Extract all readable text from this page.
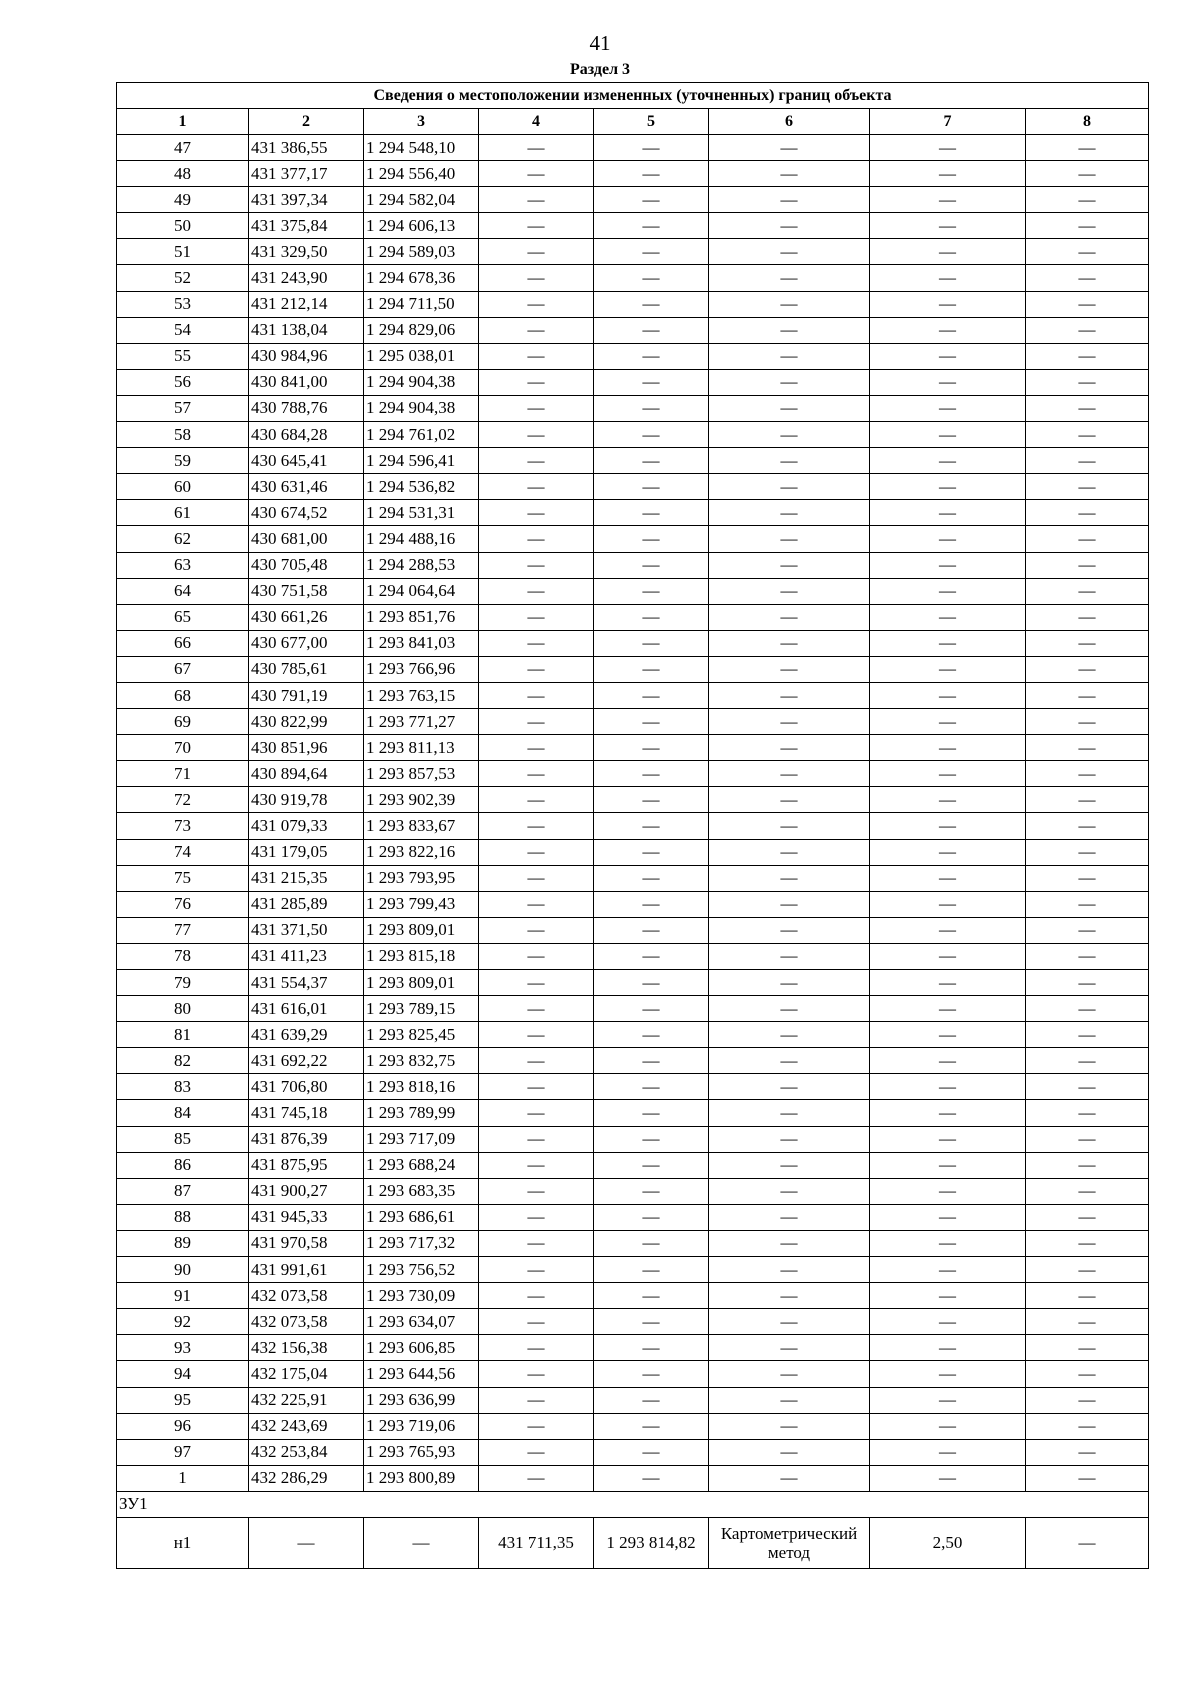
41
Раздел 3
Сведения о местоположении измененных (уточненных) границ объекта							
1	2	3	4	5	6	7	8
47	431 386,55	1 294 548,10	—	—	—	—	—
48	431 377,17	1 294 556,40	—	—	—	—	—
49	431 397,34	1 294 582,04	—	—	—	—	—
50	431 375,84	1 294 606,13	—	—	—	—	—
51	431 329,50	1 294 589,03	—	—	—	—	—
52	431 243,90	1 294 678,36	—	—	—	—	—
53	431 212,14	1 294 711,50	—	—	—	—	—
54	431 138,04	1 294 829,06	—	—	—	—	—
55	430 984,96	1 295 038,01	—	—	—	—	—
56	430 841,00	1 294 904,38	—	—	—	—	—
57	430 788,76	1 294 904,38	—	—	—	—	—
58	430 684,28	1 294 761,02	—	—	—	—	—
59	430 645,41	1 294 596,41	—	—	—	—	—
60	430 631,46	1 294 536,82	—	—	—	—	—
61	430 674,52	1 294 531,31	—	—	—	—	—
62	430 681,00	1 294 488,16	—	—	—	—	—
63	430 705,48	1 294 288,53	—	—	—	—	—
64	430 751,58	1 294 064,64	—	—	—	—	—
65	430 661,26	1 293 851,76	—	—	—	—	—
66	430 677,00	1 293 841,03	—	—	—	—	—
67	430 785,61	1 293 766,96	—	—	—	—	—
68	430 791,19	1 293 763,15	—	—	—	—	—
69	430 822,99	1 293 771,27	—	—	—	—	—
70	430 851,96	1 293 811,13	—	—	—	—	—
71	430 894,64	1 293 857,53	—	—	—	—	—
72	430 919,78	1 293 902,39	—	—	—	—	—
73	431 079,33	1 293 833,67	—	—	—	—	—
74	431 179,05	1 293 822,16	—	—	—	—	—
75	431 215,35	1 293 793,95	—	—	—	—	—
76	431 285,89	1 293 799,43	—	—	—	—	—
77	431 371,50	1 293 809,01	—	—	—	—	—
78	431 411,23	1 293 815,18	—	—	—	—	—
79	431 554,37	1 293 809,01	—	—	—	—	—
80	431 616,01	1 293 789,15	—	—	—	—	—
81	431 639,29	1 293 825,45	—	—	—	—	—
82	431 692,22	1 293 832,75	—	—	—	—	—
83	431 706,80	1 293 818,16	—	—	—	—	—
84	431 745,18	1 293 789,99	—	—	—	—	—
85	431 876,39	1 293 717,09	—	—	—	—	—
86	431 875,95	1 293 688,24	—	—	—	—	—
87	431 900,27	1 293 683,35	—	—	—	—	—
88	431 945,33	1 293 686,61	—	—	—	—	—
89	431 970,58	1 293 717,32	—	—	—	—	—
90	431 991,61	1 293 756,52	—	—	—	—	—
91	432 073,58	1 293 730,09	—	—	—	—	—
92	432 073,58	1 293 634,07	—	—	—	—	—
93	432 156,38	1 293 606,85	—	—	—	—	—
94	432 175,04	1 293 644,56	—	—	—	—	—
95	432 225,91	1 293 636,99	—	—	—	—	—
96	432 243,69	1 293 719,06	—	—	—	—	—
97	432 253,84	1 293 765,93	—	—	—	—	—
1	432 286,29	1 293 800,89	—	—	—	—	—
ЗУ1							
н1	—	—	431 711,35	1 293 814,82	Картометрический метод	2,50	—
